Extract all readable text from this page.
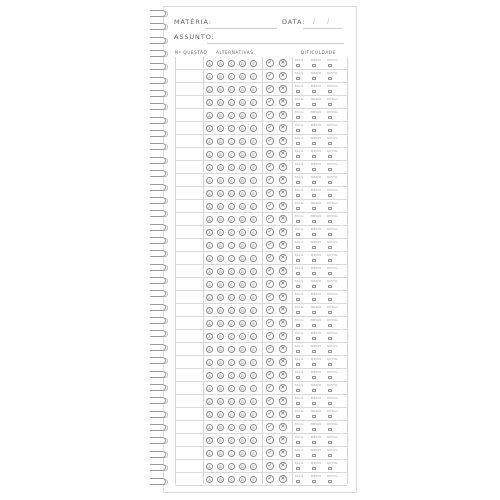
MATÉRIA:	DATA: / /
ASSUNTO:
Nº QUESTÃO ALTERNATIVAS	DIFICULDADE
A	B	C	D	E	✓ ✕	FÁCIL	MÉDIO DIFÍCIL
A	B	C	D	E	✓ ✕	FÁCIL	MÉDIO DIFÍCIL
A	B	C	D	E	✓ ✕	FÁCIL	MÉDIO DIFÍCIL
A	B	C	D	E	✓ ✕	FÁCIL	MÉDIO DIFÍCIL
A	B	C	D	E	✓ ✕	FÁCIL	MÉDIO DIFÍCIL
A	B	C	D	E	✓ ✕	FÁCIL	MÉDIO DIFÍCIL
A	B	C	D	E	✓ ✕	FÁCIL	MÉDIO DIFÍCIL
A	B	C	D	E	✓ ✕	FÁCIL	MÉDIO DIFÍCIL
A	B	C	D	E	✓ ✕	FÁCIL	MÉDIO DIFÍCIL
A	B	C	D	E	✓ ✕	FÁCIL	MÉDIO DIFÍCIL
A	B	C	D	E	✓ ✕	FÁCIL	MÉDIO DIFÍCIL
A	B	C	D	E	✓ ✕	FÁCIL	MÉDIO DIFÍCIL
A	B	C	D	E	✓ ✕	FÁCIL	MÉDIO DIFÍCIL
A	B	C	D	E	✓ ✕	FÁCIL	MÉDIO DIFÍCIL
A	B	C	D	E	✓ ✕	FÁCIL	MÉDIO DIFÍCIL
A	B	C	D	E	✓ ✕	FÁCIL	MÉDIO DIFÍCIL
A	B	C	D	E	✓ ✕	FÁCIL	MÉDIO DIFÍCIL
A	B	C	D	E	✓ ✕	FÁCIL	MÉDIO DIFÍCIL
A	B	C	D	E	✓ ✕	FÁCIL	MÉDIO DIFÍCIL
A	B	C	D	E	✓ ✕	FÁCIL	MÉDIO DIFÍCIL
A	B	C	D	E	✓ ✕	FÁCIL	MÉDIO DIFÍCIL
A	B	C	D	E	✓ ✕	FÁCIL	MÉDIO DIFÍCIL
A	B	C	D	E	✓ ✕	FÁCIL	MÉDIO DIFÍCIL
A	B	C	D	E	✓ ✕	FÁCIL	MÉDIO DIFÍCIL
A	B	C	D	E	✓ ✕	FÁCIL	MÉDIO DIFÍCIL
A	B	C	D	E	✓ ✕	FÁCIL	MÉDIO DIFÍCIL
A	B	C	D	E	✓ ✕	FÁCIL	MÉDIO DIFÍCIL
A	B	C	D	E	✓ ✕	FÁCIL	MÉDIO DIFÍCIL
A	B	C	D	E	✓ ✕	FÁCIL	MÉDIO DIFÍCIL
A	B	C	D	E	✓ ✕	FÁCIL	MÉDIO DIFÍCIL
A	B	C	D	E	✓ ✕	FÁCIL	MÉDIO DIFÍCIL
A	B	C	D	E	✓ ✕	FÁCIL	MÉDIO DIFÍCIL
A	B	C	D	E	✓ ✕	FÁCIL	MÉDIO DIFÍCIL
